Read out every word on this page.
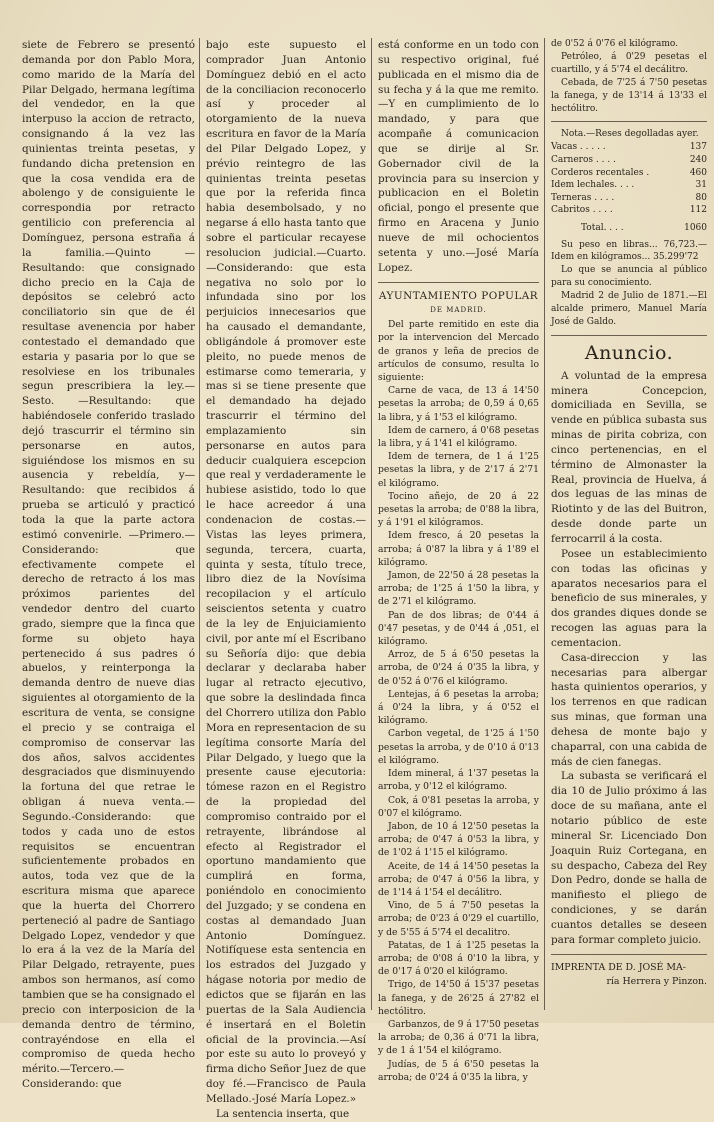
siete de Febrero se presentó demanda por don Pablo Mora, como marido de la María del Pilar Delgado, hermana legítima del vendedor, en la que interpuso la accion de retracto, consignando á la vez las quinientas treinta pesetas, y fundando dicha pretension en que la cosa vendida era de abolengo y de consiguiente le correspondia por retracto gentilicio con preferencia al Domínguez, persona estraña á la familia.—Quinto —Resultando: que consignado dicho precio en la Caja de depósitos se celebró acto conciliatorio sin que de él resultase avenencia por haber contestado el demandado que estaria y pasaria por lo que se resolviese en los tribunales segun prescribiera la ley.—Sesto. —Resultando: que habiéndosele conferido traslado dejó trascurrir el término sin personarse en autos, siguiéndose los mismos en su ausencia y rebeldía, y—Resultando: que recibidos á prueba se articuló y practicó toda la que la parte actora estimó convenirle. —Primero.—Considerando: que efectivamente compete el derecho de retracto á los mas próximos parientes del vendedor dentro del cuarto grado, siempre que la finca que forme su objeto haya pertenecido á sus padres ó abuelos, y reinterponga la demanda dentro de nueve dias siguientes al otorgamiento de la escritura de venta, se consigne el precio y se contraiga el compromiso de conservar las dos años, salvos accidentes desgraciados que disminuyendo la fortuna del que retrae le obligan á nueva venta.—Segundo.-Considerando: que todos y cada uno de estos requisitos se encuentran suficientemente probados en autos, toda vez que de la escritura misma que aparece que la huerta del Chorrero perteneció al padre de Santiago Delgado Lopez, vendedor y que lo era á la vez de la María del Pilar Delgado, retrayente, pues ambos son hermanos, así como tambien que se ha consignado el precio con interposicion de la demanda dentro de término, contrayéndose en ella el compromiso de queda hecho mérito.—Tercero.—Considerando: que

bajo este supuesto el comprador Juan Antonio Domínguez debió en el acto de la conciliacion reconocerlo así y proceder al otorgamiento de la nueva escritura en favor de la María del Pilar Delgado Lopez, y prévio reintegro de las quinientas treinta pesetas que por la referida finca habia desembolsado, y no negarse á ello hasta tanto que sobre el particular recayese resolucion judicial.—Cuarto. —Considerando: que esta negativa no solo por lo infundada sino por los perjuicios innecesarios que ha causado el demandante, obligándole á promover este pleito, no puede menos de estimarse como temeraria, y mas si se tiene presente que el demandado ha dejado trascurrir el término del emplazamiento sin personarse en autos para deducir cualquiera escepcion que real y verdaderamente le hubiese asistido, todo lo que le hace acreedor á una condenacion de costas.—Vistas las leyes primera, segunda, tercera, cuarta, quinta y sesta, título trece, libro diez de la Novísima recopilacion y el artículo seiscientos setenta y cuatro de la ley de Enjuiciamiento civil, por ante mí el Escribano su Señoría dijo: que debia declarar y declaraba haber lugar al retracto ejecutivo, que sobre la deslindada finca del Chorrero utiliza don Pablo Mora en representacion de su legítima consorte María del Pilar Delgado, y luego que la presente cause ejecutoria: tómese razon en el Registro de la propiedad del compromiso contraido por el retrayente, librándose al efecto al Registrador el oportuno mandamiento que cumplirá en forma, poniéndolo en conocimiento del Juzgado; y se condena en costas al demandado Juan Antonio Domínguez. Notifíquese esta sentencia en los estrados del Juzgado y hágase notoria por medio de edictos que se fijarán en las puertas de la Sala Audiencia é insertará en el Boletin oficial de la provincia.—Así por este su auto lo proveyó y firma dicho Señor Juez de que doy fé.—Francisco de Paula Mellado.-José María Lopez.»

La sentencia inserta, que

está conforme en un todo con su respectivo original, fué publicada en el mismo dia de su fecha y á la que me remito.—Y en cumplimiento de lo mandado, y para que acompañe á comunicacion que se dirije al Sr. Gobernador civil de la provincia para su insercion y publicacion en el Boletin oficial, pongo el presente que firmo en Aracena y Junio nueve de mil ochocientos setenta y uno.—José María Lopez.

AYUNTAMIENTO POPULAR

DE MADRID.

Del parte remitido en este dia por la intervencion del Mercado de granos y leña de precios de artículos de consumo, resulta lo siguiente:

Carne de vaca, de 13 á 14'50 pesetas la arroba; de 0,59 á 0,65 la libra, y á 1'53 el kilógramo.

Idem de carnero, á 0'68 pesetas la libra, y á 1'41 el kilógramo.

Idem de ternera, de 1 á 1'25 pesetas la libra, y de 2'17 á 2'71 el kilógramo.

Tocino añejo, de 20 á 22 pesetas la arroba; de 0'88 la libra, y á 1'91 el kilógramos.

Idem fresco, á 20 pesetas la arroba; á 0'87 la libra y á 1'89 el kilógramo.

Jamon, de 22'50 á 28 pesetas la arroba; de 1'25 á 1'50 la libra, y de 2'71 el kilógramo.

Pan de dos libras; de 0'44 á 0'47 pesetas, y de 0'44 á ,051, el kilógramo.

Arroz, de 5 á 6'50 pesetas la arroba, de 0'24 á 0'35 la libra, y de 0'52 á 0'76 el kilógramo.

Lentejas, á 6 pesetas la arroba; á 0'24 la libra, y á 0'52 el kilógramo.

Carbon vegetal, de 1'25 á 1'50 pesetas la arroba, y de 0'10 á 0'13 el kilógramo.

Idem mineral, á 1'37 pesetas la arroba, y 0'12 el kilógramo.

Cok, á 0'81 pesetas la arroba, y 0'07 el kilógramo.

Jabon, de 10 á 12'50 pesetas la arroba; de 0'47 á 0'53 la libra, y de 1'02 á 1'15 el kilógramo.

Aceite, de 14 á 14'50 pesetas la arroba; de 0'47 á 0'56 la libra, y de 1'14 á 1'54 el decálitro.

Vino, de 5 á 7'50 pesetas la arroba; de 0'23 á 0'29 el cuartillo, y de 5'55 á 5'74 el decalitro.

Patatas, de 1 á 1'25 pesetas la arroba; de 0'08 á 0'10 la libra, y de 0'17 á 0'20 el kilógramo.

Trigo, de 14'50 á 15'37 pesetas la fanega, y de 26'25 á 27'82 el hectólitro.

Garbanzos, de 9 á 17'50 pesetas la arroba; de 0,36 á 0'71 la libra, y de 1 á 1'54 el kilógramo.

Judías, de 5 á 6'50 pesetas la arroba; de 0'24 á 0'35 la libra, y

de 0'52 á 0'76 el kilógramo.

Petróleo, á 0'29 pesetas el cuartillo, y á 5'74 el decálitro.

Cebada, de 7'25 á 7'50 pesetas la fanega, y de 13'14 á 13'33 el hectólitro.

Nota.—Reses degolladas ayer.

Vacas . . . . .	137
Carneros . . . .	240
Corderos recentales .	460
Idem lechales. . . .	31
Terneras . . . .	80
Cabritos . . . .	112
Total. . . .	1060

Su peso en libras... 76,723.—Idem en kilógramos... 35.299'72

Lo que se anuncia al público para su conocimiento.

Madrid 2 de Julio de 1871.—El alcalde primero, Manuel María José de Galdo.

Anuncio.

A voluntad de la empresa minera Concepcion, domiciliada en Sevilla, se vende en pública subasta sus minas de pirita cobriza, con cinco pertenencias, en el término de Almonaster la Real, provincia de Huelva, á dos leguas de las minas de Riotinto y de las del Buitron, desde donde parte un ferrocarril á la costa.

Posee un establecimiento con todas las oficinas y aparatos necesarios para el beneficio de sus minerales, y dos grandes diques donde se recogen las aguas para la cementacion.

Casa-direccion y las necesarias para albergar hasta quinientos operarios, y los terrenos en que radican sus minas, que forman una dehesa de monte bajo y chaparral, con una cabida de más de cien fanegas.

La subasta se verificará el dia 10 de Julio próximo á las doce de su mañana, ante el notario público de este mineral Sr. Licenciado Don Joaquin Ruiz Cortegana, en su despacho, Cabeza del Rey Don Pedro, donde se halla de manifiesto el pliego de condiciones, y se darán cuantos detalles se deseen para formar completo juicio.

IMPRENTA DE D. JOSÉ MA-

ría Herrera y Pinzon.
